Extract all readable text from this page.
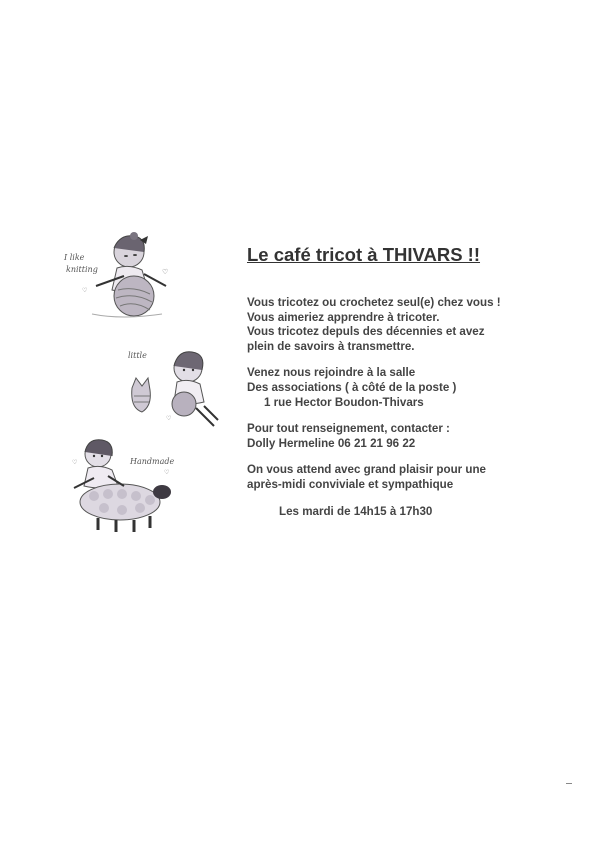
I like
knitting	♡
♡
little
♡
Handmade
♡
♡
Le café tricot à THIVARS !!
Vous tricotez ou crochetez seul(e) chez vous !
Vous aimeriez apprendre à tricoter.
Vous tricotez depuls des décennies et avez
plein de savoirs à transmettre.
Venez nous rejoindre à la salle
Des associations ( à côté de la poste )
1 rue Hector Boudon-Thivars
Pour tout renseignement, contacter :
Dolly Hermeline 06 21 21 96 22
On vous attend avec grand plaisir pour une
après-midi conviviale et sympathique
Les mardi de 14h15 à 17h30
